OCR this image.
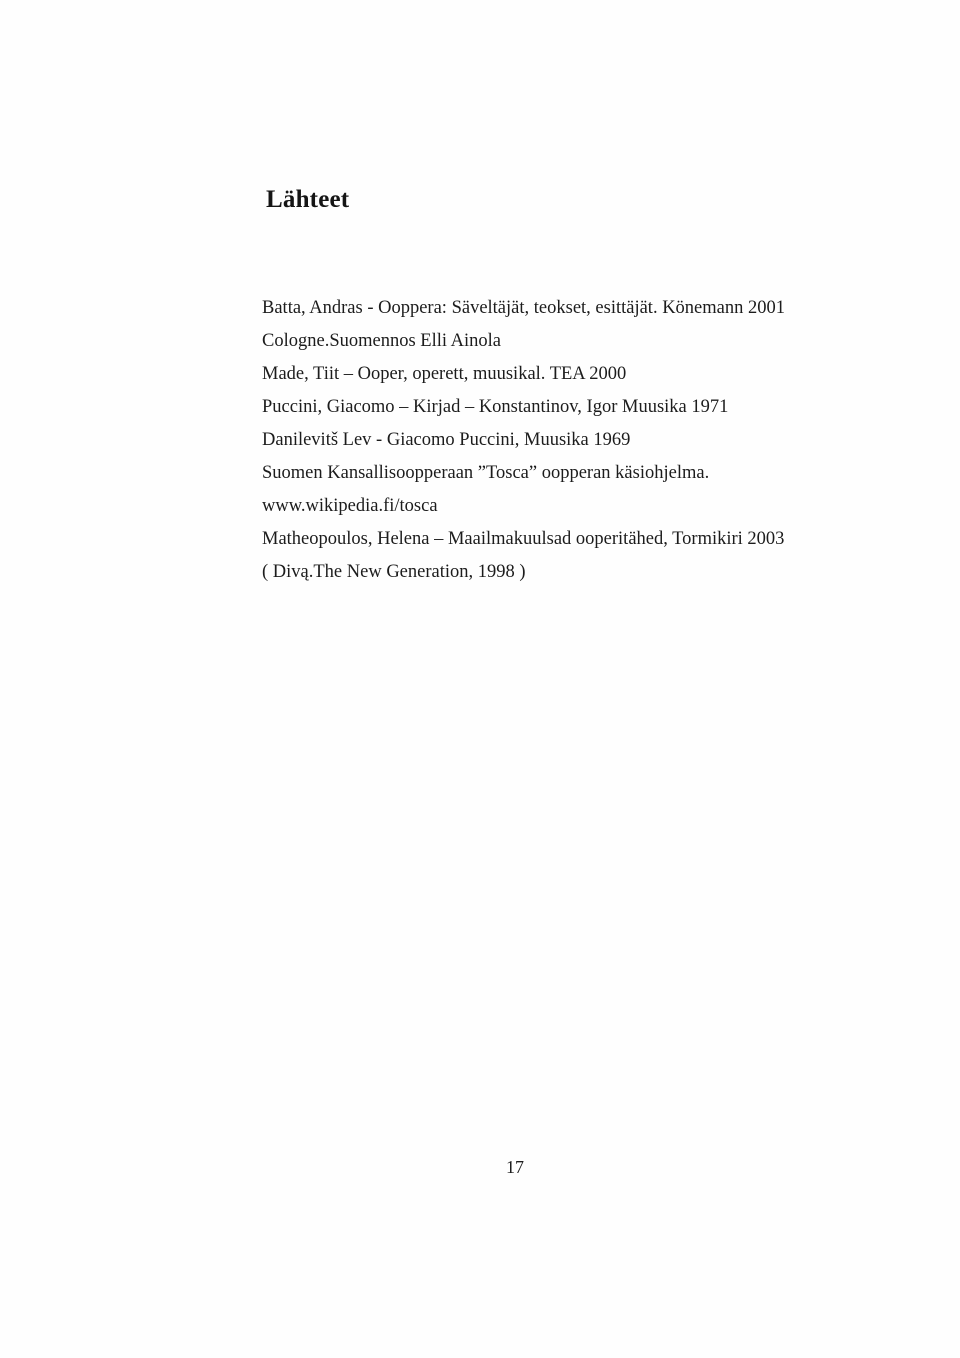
Lähteet
Batta, Andras - Ooppera: Säveltäjät, teokset, esittäjät. Könemann 2001
Cologne.Suomennos Elli Ainola
Made, Tiit – Ooper, operett, muusikal. TEA 2000
Puccini, Giacomo – Kirjad – Konstantinov, Igor Muusika 1971
Danilevitš Lev - Giacomo Puccini, Muusika 1969
Suomen Kansallisoopperaan ”Tosca” oopperan käsiohjelma.
www.wikipedia.fi/tosca
Matheopoulos, Helena – Maailmakuulsad ooperitähed, Tormikiri 2003
( Divą.The New Generation, 1998 )
17
